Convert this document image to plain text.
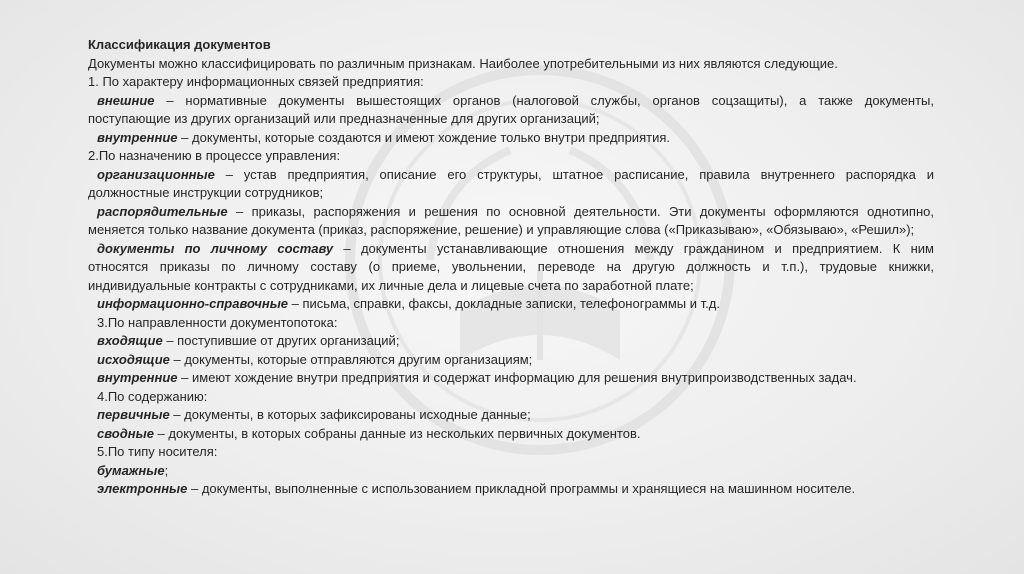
Классификация документов
Документы можно классифицировать по различным признакам. Наиболее употребительными из них являются следующие.
1. По характеру информационных связей предприятия:
внешние – нормативные документы вышестоящих органов (налоговой службы, органов соцзащиты), а также документы,
поступающие из других организаций или предназначенные для других организаций;
внутренние – документы, которые создаются и имеют хождение только внутри предприятия.
2.По назначению в процессе управления:
организационные – устав предприятия, описание его структуры, штатное расписание, правила внутреннего распорядка и
должностные инструкции сотрудников;
распорядительные – приказы, распоряжения и решения по основной деятельности. Эти документы оформляются однотипно,
меняется только название документа (приказ, распоряжение, решение) и управляющие слова («Приказываю», «Обязываю», «Решил»);
документы по личному составу – документы устанавливающие отношения между гражданином и предприятием. К ним
относятся приказы по личному составу (о приеме, увольнении, переводе на другую должность и т.п.), трудовые книжки,
индивидуальные контракты с сотрудниками, их личные дела и лицевые счета по заработной плате;
информационно-справочные – письма, справки, факсы, докладные записки, телефонограммы и т.д.
3.По направленности документопотока:
входящие – поступившие от других организаций;
исходящие – документы, которые отправляются другим организациям;
внутренние – имеют хождение внутри предприятия и содержат информацию для решения внутрипроизводственных задач.
4.По содержанию:
первичные – документы, в которых зафиксированы исходные данные;
сводные – документы, в которых собраны данные из нескольких первичных документов.
5.По типу носителя:
бумажные;
электронные – документы, выполненные с использованием прикладной программы и хранящиеся на машинном носителе.
